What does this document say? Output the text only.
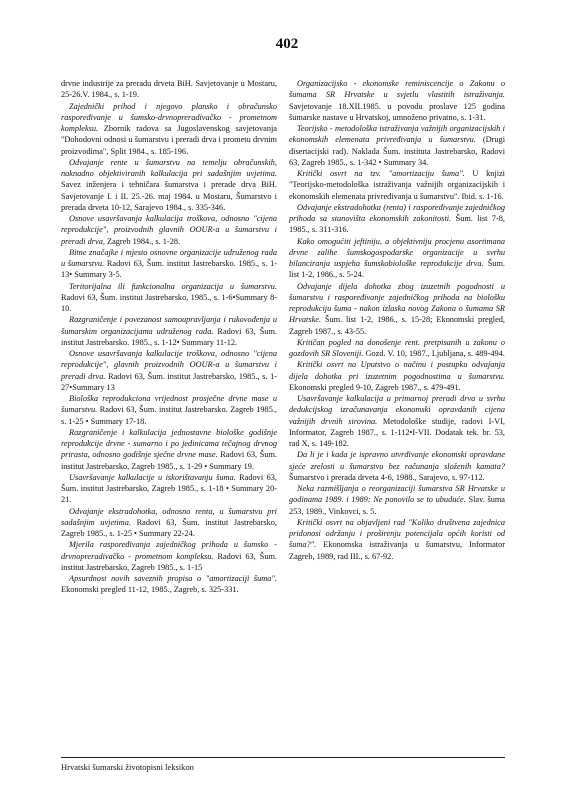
402

drvne industrije za preradu drveta BiH. Savjetovanje u Mostaru, 25-26.V. 1984., s. 1-19.

Zajednički prihod i njegovo plansko i obračunsko raspoređivanje u šumsko-drvnopreradivačko - prometnom kompleksu. Zbornik radova sa Jugoslavenskog savjetovanja "Dohodovni odnosi u šumarstvu i preradi drva i prometu drvnim proizvodima", Split 1984., s. 185-196.

Odvajanje rente u šumarstvu na temelju obračunskih, naknadno objektiviranih kalkulacija pri sadašnjim uvjetima. Savez inženjera i tehničara šumarstva i prerade drva BiH. Savjetovanje I. i II. 25.-26. maj 1984. u Mostaru, Šumarstvo i prerada drveta 10-12, Sarajevo 1984., s. 335-346.

Osnove usavršavanja kalkulacija troškova, odnosno "cijena reprodukcije", proizvodnih glavnih OOUR-a u šumarstvu i preradi drva, Zagreb 1984., s. 1-28.

Bitne značajke i mjesto osnovne organizacije udruženog rada u šumarstvu. Radovi 63, Šum. institut Jastrebarsko. 1985., s. 1-13• Summary 3-5.

Teritorijalna ili funkcionalna organizacija u šumarstvu. Radovi 63, Šum. institut Jastrebarsko, 1985., s. 1-6•Summary 8-10.

Razgraničenje i povezanost samoupravljanja i rukovođenja u šumarskim organizacijama udruženog rada. Radovi 63, Šum. institut Jastrebarsko. 1985., s. 1-12• Summary 11-12.

Osnove usavršavanja kalkulacije troškova, odnosno "cijena reprodukcije", glavnih proizvodnih OOUR-a u šumarstvu i preradi drva. Radovi 63, Šum. institut Jastrebarsko, 1985., s. 1-27•Summary 13

Biološka reprodukciona vrijednost prosječne drvne mase u šumarstvu. Radovi 63, Šum. institut Jastrebarsko. Zagreb 1985., s. 1-25 • Summary 17-18.

Razgraničenje i kalkulacija jednostavne biološke godišnje reprodukcije drvne - sumarno i po jedinicama tečajnog drvnog prirasta, odnosno godišnje sječne drvne mase. Radovi 63, Šum. institut Jastrebarsko, Zagreb 1985., s. 1-29 • Summary 19.

Usavršavanje kalkulacije u iskorištavanju šuma. Radovi 63, Šum. institut Jastrebarsko, Zagreb 1985., s. 1-18 • Summary 20-21.

Odvajanje ekstradohotka, odnosno renta, u šumarstvu pri sadašnjim uvjetima. Radovi 63, Šum. institut Jastrebarsko, Zagreb 1985., s. 1-25 • Summary 22-24.

Mjerila raspoređivanja zajedničkog prihoda u šumsko - drvnopreradivačko - prometnom kompleksu. Radovi 63, Šum. institut Jastrebarsko, Zagreb 1985., s. 1-15

Apsurdnost novih saveznih propisa o "amortizaciji šuma". Ekonomski pregled 11-12, 1985., Zagreb, s. 325-331.

Organizacijsko - ekonomske reminiscencije o Zakonu o šumama SR Hrvatske u svjetlu vlastitih istraživanja. Savjetovanje 18.XII.1985. u povodu proslave 125 godina šumarske nastave u Hrvatskoj, umnoženo privatno, s. 1-31.

Teorijsko - metodološka istraživanja važnijih organizacijskih i ekonomskih elemenata privređivanja u šumarstvu. (Drugi disertacijski rad). Naklada Šum. instituta Jastrebarsko, Radovi 63, Zagreb 1985., s. 1-342 • Summary 34.

Kritički osvrt na tzv. "amortizaciju šuma". U knjizi "Teorijsko-metodološka istraživanja važnijih organizacijskih i ekonomskih elemenata privređivanja u šumarstvu". Ibid. s. 1-16.

Odvajanje ekstradohotka (renta) i raspoređivanje zajedničkog prihoda sa stanovišta ekonomskih zakonitosti. Šum. list 7-8, 1985., s. 311-316.

Kako omogućiti jeftiniju, a objektivniju procjenu asortimana drvne zalihe šumskogospodarske organizacije u svrhu bilanciranja uspjeha šumskobiološke reprodukcije drva. Šum. list 1-2, 1986., s. 5-24.

Odvajanje dijela dohotka zbog izuzetnih pogodnosti u šumarstvu i raspoređivanje zajedničkog prihoda na biološku reprodukciju šuma - nakon izlaska novog Zakona o šumama SR Hrvatske. Šum. list 1-2, 1986., s. 15-28; Ekonomski pregled, Zagreb 1987., s. 43-55.

Kritičan pogled na donošenje rent. pretpisanih u zakonu o gozdovih SR Sloveniji. Gozd. V. 10, 1987., Ljubljana, s. 489-494.

Kritički osvrt na Uputstvo o načinu i postupku odvajanja dijela dohotka pri izuzetnim pogodnostima u šumarstvu. Ekonomski pregled 9-10, Zagreb 1987., s. 479-491.

Usavršavanje kalkulacija u primarnoj preradi drva u svrhu dedukcijskog izračunavanja ekonomski opravdanih cijena važnijih drvnih sirovina. Metodološke studije, radovi I-VI, Informator, Zagreb 1987., s. 1-112•I-VII. Dodatak tek. br. 53, rad X, s. 149-182.

Da li je i kada je ispravno utvrđivanje ekonomski opravdane sjeće zrelosti u šumarstvu bez računanja složenih kamata? Šumarstvo i prerada drveta 4-6, 1988., Sarajevo, s. 97-112.

Neka razmišljanja o reorganizaciji šumarstva SR Hrvatske u godinama 1989. i 1989: Ne ponovilo se to ubuduće. Slav. šuma 253, 1989., Vinkovci, s. 5.

Kritički osvrt na objavljeni rad "Koliko društvena zajednica pridonosi održanju i proširenju potencijala općih koristi od šuma?". Ekonomska istraživanja u šumarstvu, Informator Zagreb, 1989, rad III., s. 67-92.

Hrvatski šumarski životopisni leksikon
